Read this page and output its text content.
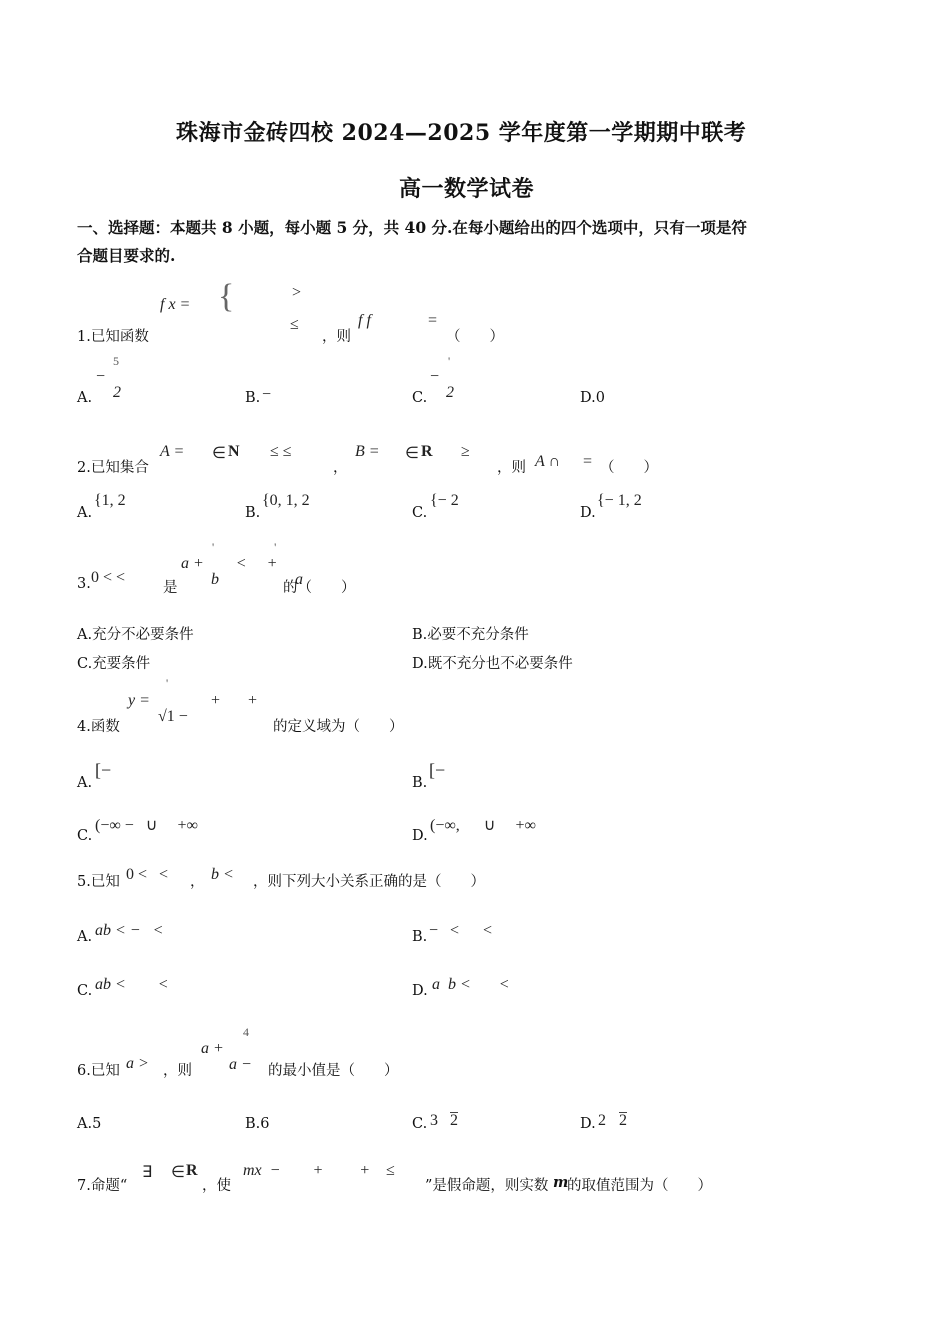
珠海市金砖四校 2024—2025 学年度第一学期期中联考
高一数学试卷
一、选择题：本题共 8 小题，每小题 5 分，共 40 分.在每小题给出的四个选项中，只有一项是符
合题目要求的.
f x = {	>
≤
1.已知函数	，则
f f	=
（　　）
5
−
2
A.	B. −
'
−
2
C.	D.0
2.已知集合
A = ∈ N ≤ ≤
，
B = ∈ R ≥
，则 A ∩ = （　　）
A.
{1, 2
B.
{0, 1, 2
C.
{− 2
D.
{− 1, 2
3. 0 < <
是
'                    '
a +        <     +
b                   a
的（　　）
A.充分不必要条件	B.必要不充分条件
C.充要条件	D.既不充分也不必要条件
4.函数
'
y =
√1 −
+       +
的定义域为（　　）
A.
[−
B.
[−
C.
(−∞ −   ∪     +∞
D.
(−∞,      ∪     +∞
5.已知 0 <   < ， b < ，则下列大小关系正确的是（　　）
A. ab < −   <	B. −   <      <
C. ab <        <	D. a  b <       <
6.已知 a > ，则
4
a +
a − 的最小值是（　　）
A.5	B.6	C. 3 2	D. 2 2
7.命题“
∃ ∈ R
，使
mx  −        +         +    ≤
”是假命题，则实数 m
的取值范围为（　　）
